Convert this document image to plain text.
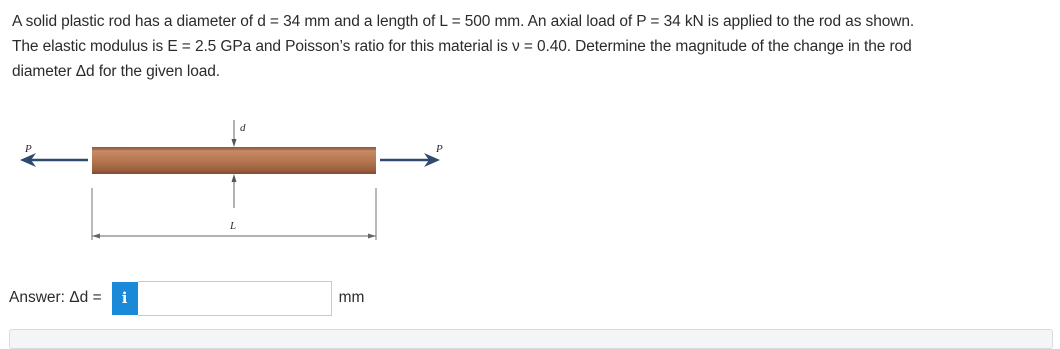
A solid plastic rod has a diameter of d = 34 mm and a length of L = 500 mm. An axial load of P = 34 kN is applied to the rod as shown.
The elastic modulus is E = 2.5 GPa and Poisson’s ratio for this material is ν = 0.40. Determine the magnitude of the change in the rod
diameter Δd for the given load.
P	P
d
L
Answer: Δd = i	mm
